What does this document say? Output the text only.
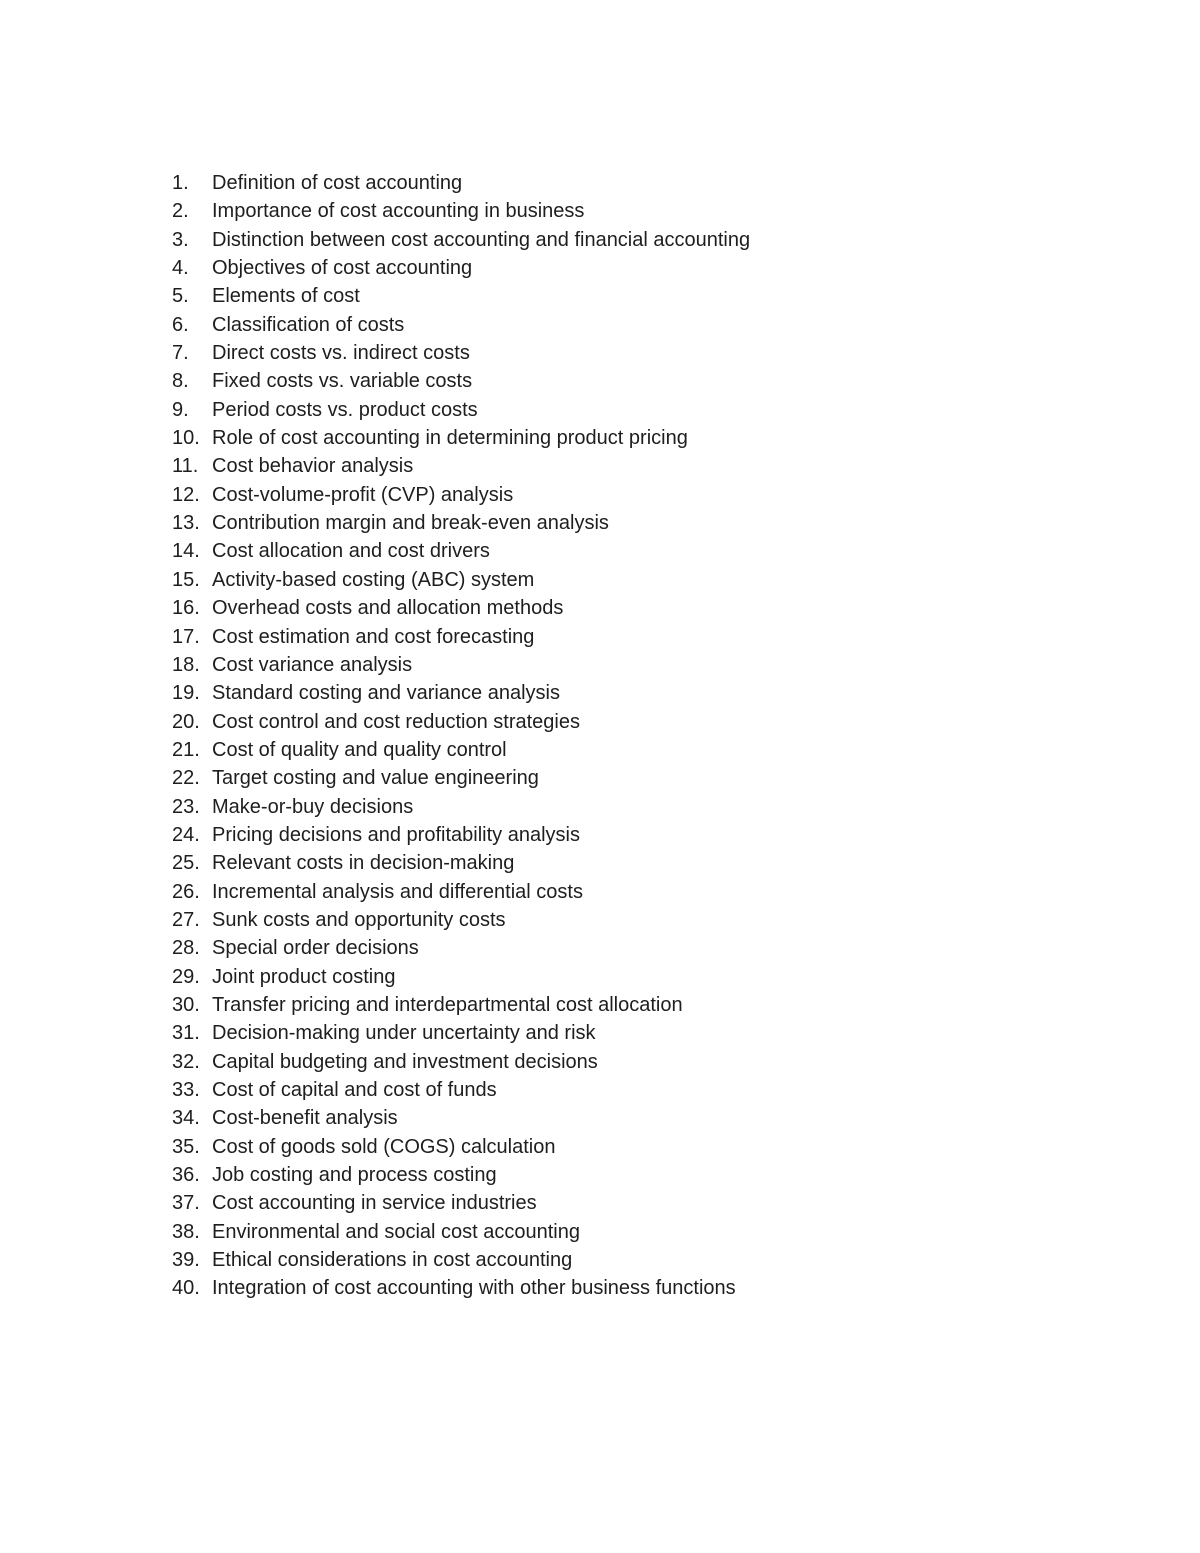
1.	Definition of cost accounting
2.	Importance of cost accounting in business
3.	Distinction between cost accounting and financial accounting
4.	Objectives of cost accounting
5.	Elements of cost
6.	Classification of costs
7.	Direct costs vs. indirect costs
8.	Fixed costs vs. variable costs
9.	Period costs vs. product costs
10. Role of cost accounting in determining product pricing
11. Cost behavior analysis
12. Cost-volume-profit (CVP) analysis
13. Contribution margin and break-even analysis
14. Cost allocation and cost drivers
15. Activity-based costing (ABC) system
16. Overhead costs and allocation methods
17. Cost estimation and cost forecasting
18. Cost variance analysis
19. Standard costing and variance analysis
20. Cost control and cost reduction strategies
21. Cost of quality and quality control
22. Target costing and value engineering
23. Make-or-buy decisions
24. Pricing decisions and profitability analysis
25. Relevant costs in decision-making
26. Incremental analysis and differential costs
27. Sunk costs and opportunity costs
28. Special order decisions
29. Joint product costing
30. Transfer pricing and interdepartmental cost allocation
31. Decision-making under uncertainty and risk
32. Capital budgeting and investment decisions
33. Cost of capital and cost of funds
34. Cost-benefit analysis
35. Cost of goods sold (COGS) calculation
36. Job costing and process costing
37. Cost accounting in service industries
38. Environmental and social cost accounting
39. Ethical considerations in cost accounting
40. Integration of cost accounting with other business functions
